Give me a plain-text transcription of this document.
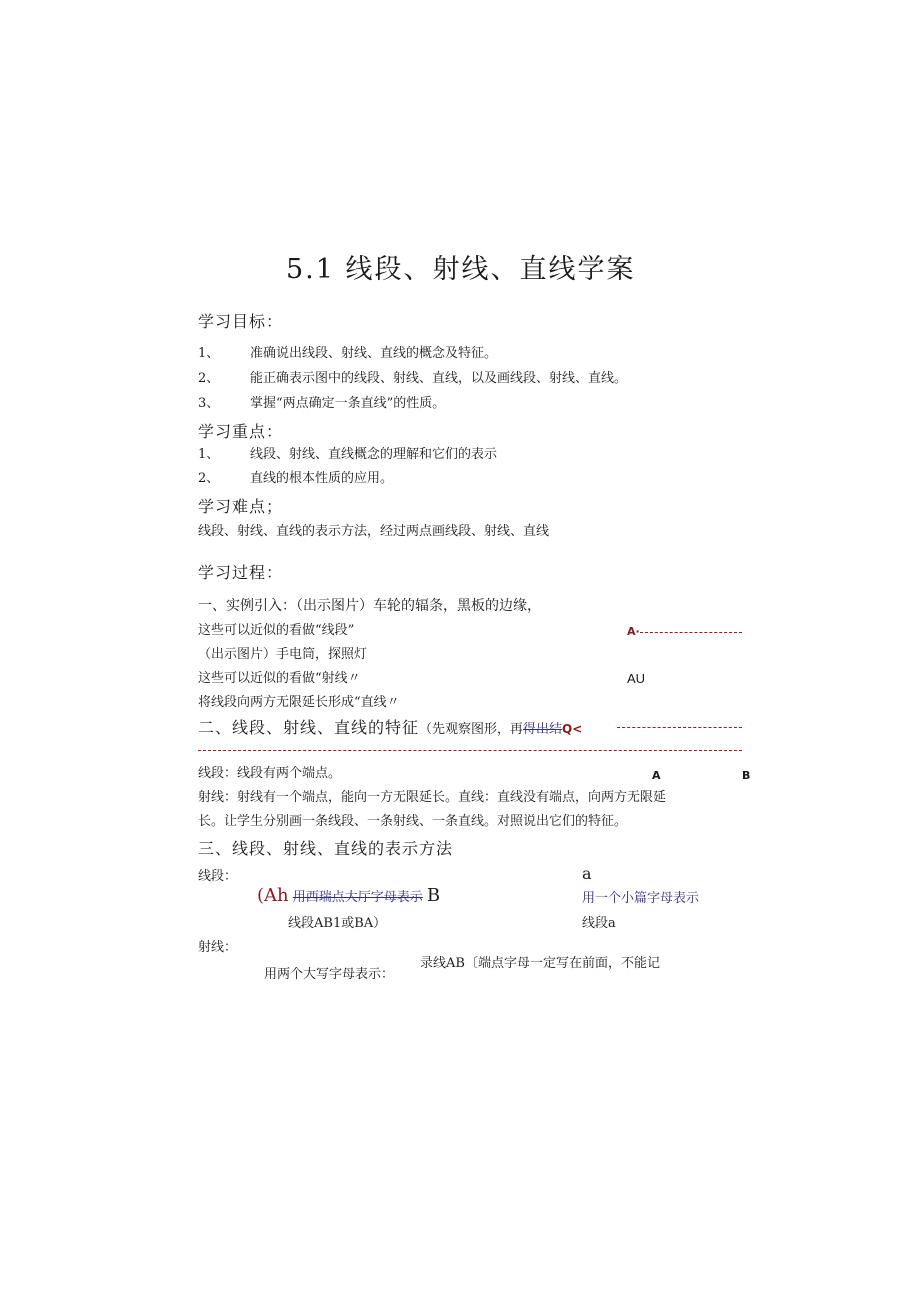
5.1 线段、射线、直线学案
学习目标：
1、 准确说出线段、射线、直线的概念及特征。
2、 能正确表示图中的线段、射线、直线，以及画线段、射线、直线。
3、 掌握“两点确定一条直线”的性质。
学习重点：
1、 线段、射线、直线概念的理解和它们的表示
2、 直线的根本性质的应用。
学习难点；
线段、射线、直线的表示方法，经过两点画线段、射线、直线
学习过程：
一、实例引入：（出示图片）车轮的辐条，黑板的边缘，
这些可以近似的看做“线段”
（出示图片）手电筒，探照灯
这些可以近似的看做“射线〃
将线段向两方无限延长形成“直线〃
A·
AU
二、线段、射线、直线的特征（先观察图形，再得出结Q<
线段：线段有两个端点。	A	B
射线：射线有一个端点，能向一方无限延长。直线：直线没有端点，向两方无限延
长。让学生分别画一条线段、一条射线、一条直线。对照说出它们的特征。
三、线段、射线、直线的表示方法
线段：	a
(Ah 用西瑞点大厅字母表示 B	用一个小篇字母表示
线段AB1或BA）	线段a
射线：
录线AB〔端点字母一定写在前面，不能记
用两个大写字母表示：
